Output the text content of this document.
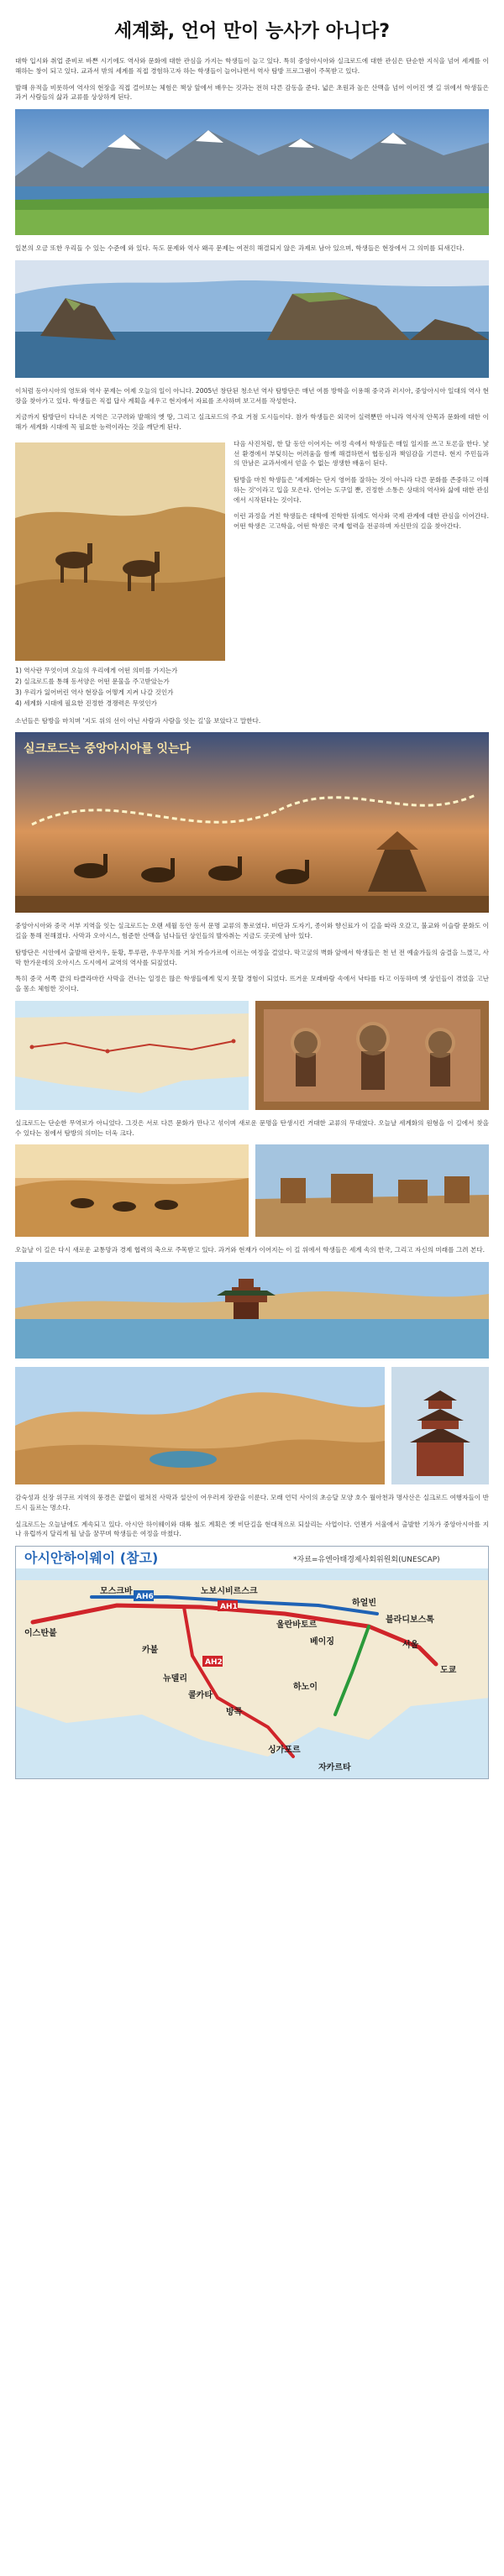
세계화, 언어 만이 능사가 아니다?

대학 입시와 취업 준비로 바쁜 시기에도 역사와 문화에 대한 관심을 가지는 학생들이 늘고 있다. 특히 중앙아시아와 실크로드에 대한 관심은 단순한 지식을 넘어 세계를 이해하는 창이 되고 있다. 교과서 밖의 세계를 직접 경험하고자 하는 학생들이 늘어나면서 역사 탐방 프로그램이 주목받고 있다.

발해 유적을 비롯하여 역사의 현장을 직접 걸어보는 체험은 책상 앞에서 배우는 것과는 전혀 다른 감동을 준다. 넓은 초원과 높은 산맥을 넘어 이어진 옛 길 위에서 학생들은 과거 사람들의 삶과 교류를 상상하게 된다.

일본의 오금 또한 우리들 수 있는 수준에 와 있다. 독도 문제와 역사 왜곡 문제는 여전히 해결되지 않은 과제로 남아 있으며, 학생들은 현장에서 그 의미를 되새긴다.

이처럼 동아시아의 영토와 역사 문제는 어제 오늘의 일이 아니다. 2005년 창단된 청소년 역사 탐방단은 매년 여름 방학을 이용해 중국과 러시아, 중앙아시아 일대의 역사 현장을 찾아가고 있다. 학생들은 직접 답사 계획을 세우고 현지에서 자료를 조사하며 보고서를 작성한다.

지금까지 탐방단이 다녀온 지역은 고구려와 발해의 옛 땅, 그리고 실크로드의 주요 거점 도시들이다. 참가 학생들은 외국어 실력뿐만 아니라 역사적 안목과 문화에 대한 이해가 세계화 시대에 꼭 필요한 능력이라는 것을 깨닫게 된다.

다음 사진처럼, 한 달 동안 이어지는 여정 속에서 학생들은 매일 일지를 쓰고 토론을 한다. 낯선 환경에서 부딪히는 어려움을 함께 해결하면서 협동심과 책임감을 기른다. 현지 주민들과의 만남은 교과서에서 얻을 수 없는 생생한 배움이 된다.

탐방을 마친 학생들은 '세계화는 단지 영어를 잘하는 것이 아니라 다른 문화를 존중하고 이해하는 것'이라고 입을 모은다. 언어는 도구일 뿐, 진정한 소통은 상대의 역사와 삶에 대한 관심에서 시작된다는 것이다.

이런 과정을 거친 학생들은 대학에 진학한 뒤에도 역사와 국제 관계에 대한 관심을 이어간다. 어떤 학생은 고고학을, 어떤 학생은 국제 협력을 전공하며 자신만의 길을 찾아간다.

1) 역사란 무엇이며 오늘의 우리에게 어떤 의미를 가지는가
2) 실크로드를 통해 동서양은 어떤 문물을 주고받았는가
3) 우리가 잃어버린 역사 현장을 어떻게 지켜 나갈 것인가
4) 세계화 시대에 필요한 진정한 경쟁력은 무엇인가

소년들은 탐방을 마치며 '지도 위의 선이 아닌 사람과 사람을 잇는 길'을 보았다고 말한다.

실크로드는 중앙아시아를 잇는다

중앙아시아와 중국 서부 지역을 잇는 실크로드는 오랜 세월 동안 동서 문명 교류의 통로였다. 비단과 도자기, 종이와 향신료가 이 길을 따라 오갔고, 불교와 이슬람 문화도 이 길을 통해 전해졌다. 사막과 오아시스, 험준한 산맥을 넘나들던 상인들의 발자취는 지금도 곳곳에 남아 있다.

탐방단은 시안에서 출발해 란저우, 둔황, 투루판, 우루무치를 거쳐 카슈가르에 이르는 여정을 걸었다. 막고굴의 벽화 앞에서 학생들은 천 년 전 예술가들의 숨결을 느꼈고, 사막 한가운데의 오아시스 도시에서 교역의 역사를 되짚었다.

특히 중국 서쪽 끝의 타클라마칸 사막을 건너는 일정은 많은 학생들에게 잊지 못할 경험이 되었다. 뜨거운 모래바람 속에서 낙타를 타고 이동하며 옛 상인들이 겪었을 고난을 몸소 체험한 것이다.

실크로드는 단순한 무역로가 아니었다. 그것은 서로 다른 문화가 만나고 섞이며 새로운 문명을 탄생시킨 거대한 교류의 무대였다. 오늘날 세계화의 원형을 이 길에서 찾을 수 있다는 점에서 탐방의 의미는 더욱 크다.

오늘날 이 길은 다시 새로운 교통망과 경제 협력의 축으로 주목받고 있다. 과거와 현재가 이어지는 이 길 위에서 학생들은 세계 속의 한국, 그리고 자신의 미래를 그려 본다.

감숙성과 신장 위구르 지역의 풍경은 끝없이 펼쳐진 사막과 설산이 어우러져 장관을 이룬다. 모래 언덕 사이의 초승달 모양 호수 월아천과 명사산은 실크로드 여행자들이 반드시 들르는 명소다.

실크로드는 오늘날에도 계속되고 있다. 아시안 하이웨이와 대륙 철도 계획은 옛 비단길을 현대적으로 되살리는 사업이다. 언젠가 서울에서 출발한 기차가 중앙아시아를 지나 유럽까지 달리게 될 날을 꿈꾸며 학생들은 여정을 마쳤다.

아시안하이웨이 (참고)	*자료=유엔아태경제사회위원회(UNESCAP)
모스크바	노보시비르스크
하얼빈
블라디보스톡
울란바토르
베이징	서울
도쿄
이스탄불
카불
뉴델리
방콕
싱가포르
자카르타
콜카타
하노이
AH1
AH6
AH2
